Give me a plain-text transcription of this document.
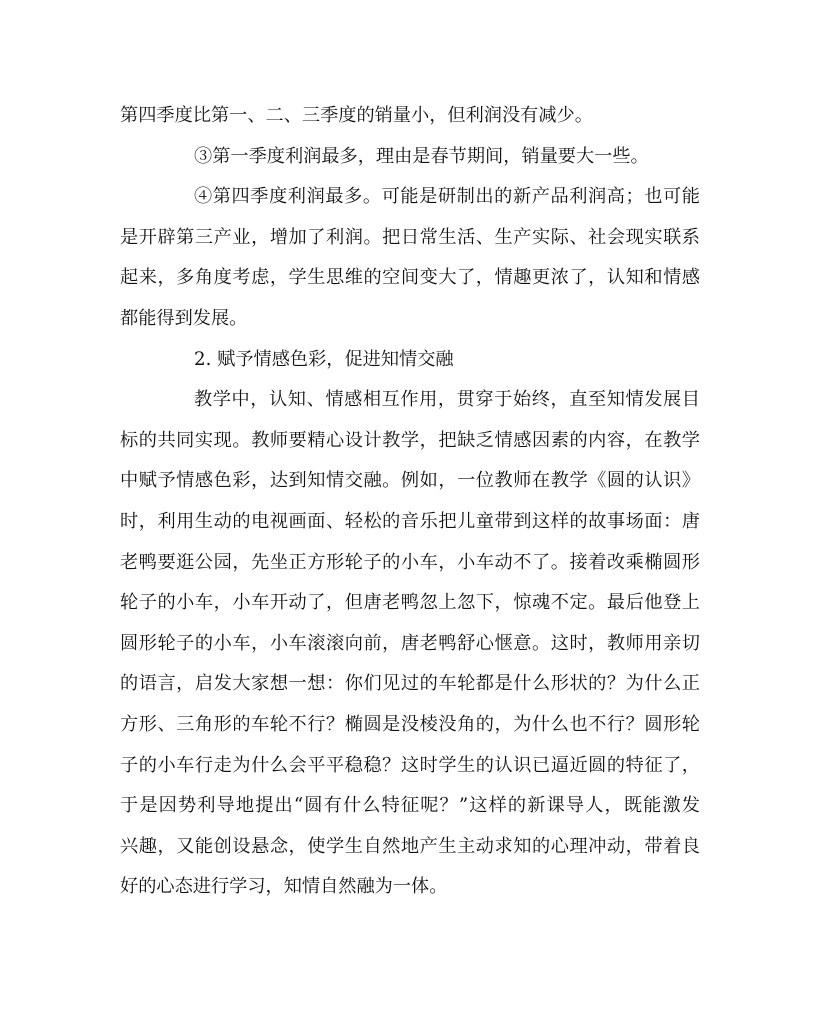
第四季度比第一、二、三季度的销量小，但利润没有减少。
③第一季度利润最多，理由是春节期间，销量要大一些。
④第四季度利润最多。可能是研制出的新产品利润高；也可能
是开辟第三产业，增加了利润。把日常生活、生产实际、社会现实联系
起来，多角度考虑，学生思维的空间变大了，情趣更浓了，认知和情感
都能得到发展。
2. 赋予情感色彩，促进知情交融
教学中，认知、情感相互作用，贯穿于始终，直至知情发展目
标的共同实现。教师要精心设计教学，把缺乏情感因素的内容，在教学
中赋予情感色彩，达到知情交融。例如，一位教师在教学《圆的认识》
时，利用生动的电视画面、轻松的音乐把儿童带到这样的故事场面：唐
老鸭要逛公园，先坐正方形轮子的小车，小车动不了。接着改乘椭圆形
轮子的小车，小车开动了，但唐老鸭忽上忽下，惊魂不定。最后他登上
圆形轮子的小车，小车滚滚向前，唐老鸭舒心惬意。这时，教师用亲切
的语言，启发大家想一想：你们见过的车轮都是什么形状的？为什么正
方形、三角形的车轮不行？椭圆是没棱没角的，为什么也不行？圆形轮
子的小车行走为什么会平平稳稳？这时学生的认识已逼近圆的特征了，
于是因势利导地提出“圆有什么特征呢？”这样的新课导人，既能激发
兴趣，又能创设悬念，使学生自然地产生主动求知的心理冲动，带着良
好的心态进行学习，知情自然融为一体。
